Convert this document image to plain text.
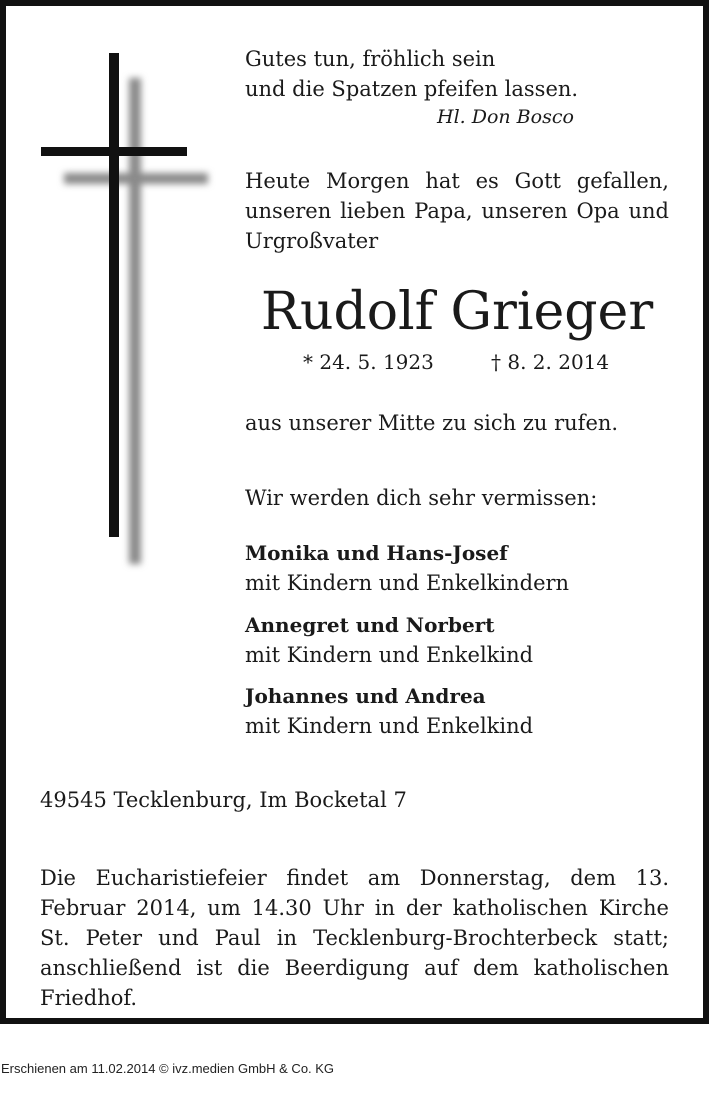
Gutes tun, fröhlich sein
und die Spatzen pfeifen lassen.
Hl. Don Bosco
Heute Morgen hat es Gott gefallen, unseren lieben Papa, unseren Opa und Urgroßvater
Rudolf Grieger
* 24. 5. 1923	† 8. 2. 2014
aus unserer Mitte zu sich zu rufen.
Wir werden dich sehr vermissen:
Monika und Hans-Josef
mit Kindern und Enkelkindern
Annegret und Norbert
mit Kindern und Enkelkind
Johannes und Andrea
mit Kindern und Enkelkind
49545 Tecklenburg, Im Bocketal 7
Die Eucharistiefeier findet am Donnerstag, dem 13. Februar 2014, um 14.30 Uhr in der katholischen Kirche St. Peter und Paul in Tecklenburg-Brochterbeck statt; anschließend ist die Beerdigung auf dem katholischen Friedhof.
Erschienen am 11.02.2014 © ivz.medien GmbH & Co. KG
